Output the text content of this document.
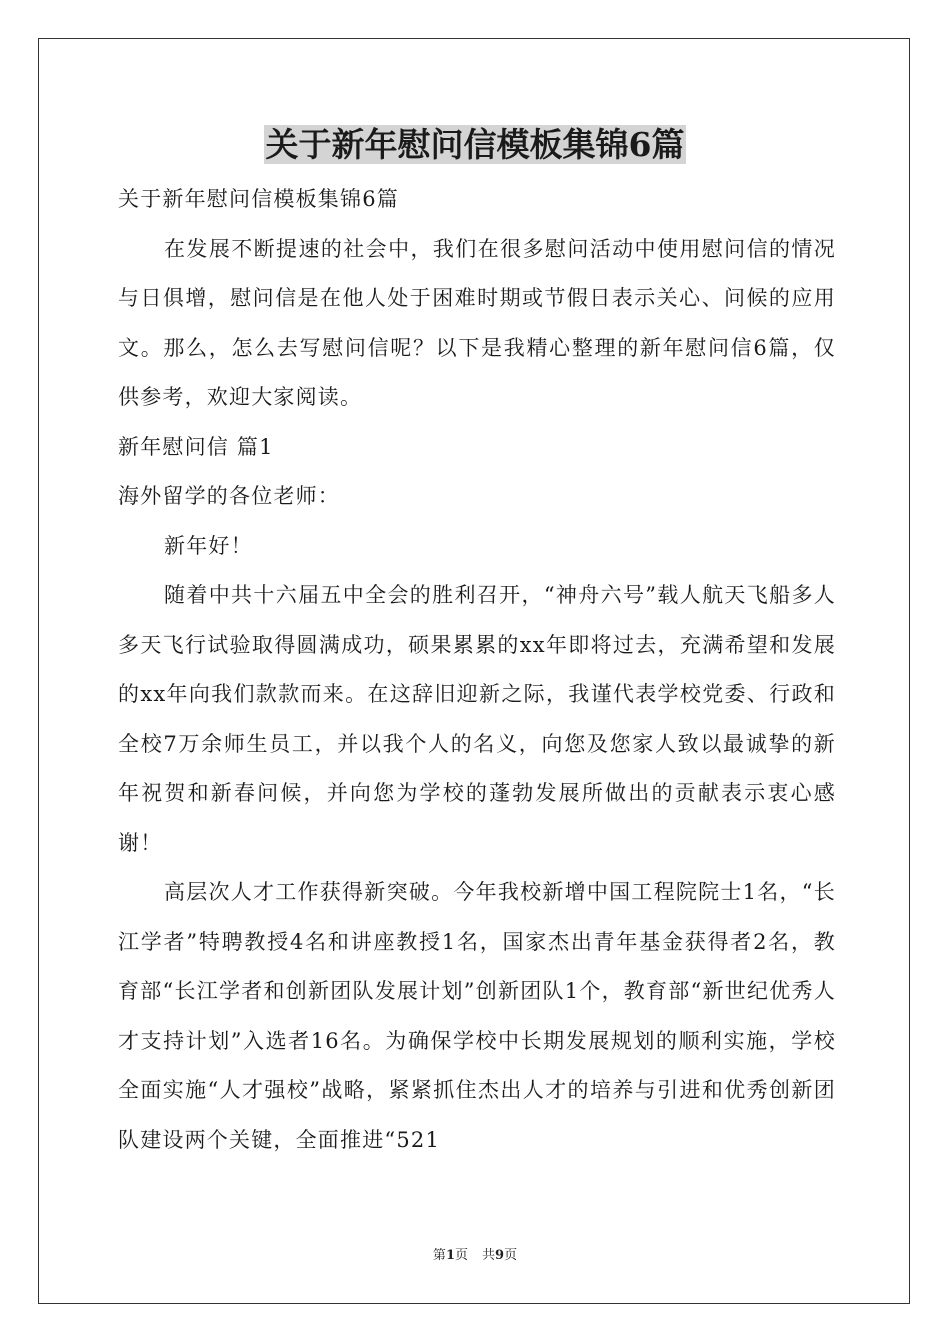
关于新年慰问信模板集锦6篇

关于新年慰问信模板集锦6篇

在发展不断提速的社会中，我们在很多慰问活动中使用慰问信的情况与日俱增，慰问信是在他人处于困难时期或节假日表示关心、问候的应用文。那么，怎么去写慰问信呢？以下是我精心整理的新年慰问信6篇，仅供参考，欢迎大家阅读。

新年慰问信 篇1

海外留学的各位老师：

新年好！

随着中共十六届五中全会的胜利召开，“神舟六号”载人航天飞船多人多天飞行试验取得圆满成功，硕果累累的xx年即将过去，充满希望和发展的xx年向我们款款而来。在这辞旧迎新之际，我谨代表学校党委、行政和全校7万余师生员工，并以我个人的名义，向您及您家人致以最诚挚的新年祝贺和新春问候，并向您为学校的蓬勃发展所做出的贡献表示衷心感谢！

高层次人才工作获得新突破。今年我校新增中国工程院院士1名，“长江学者”特聘教授4名和讲座教授1名，国家杰出青年基金获得者2名，教育部“长江学者和创新团队发展计划”创新团队1个，教育部“新世纪优秀人才支持计划”入选者16名。为确保学校中长期发展规划的顺利实施，学校全面实施“人才强校”战略，紧紧抓住杰出人才的培养与引进和优秀创新团队建设两个关键，全面推进“521

第1页 共9页
